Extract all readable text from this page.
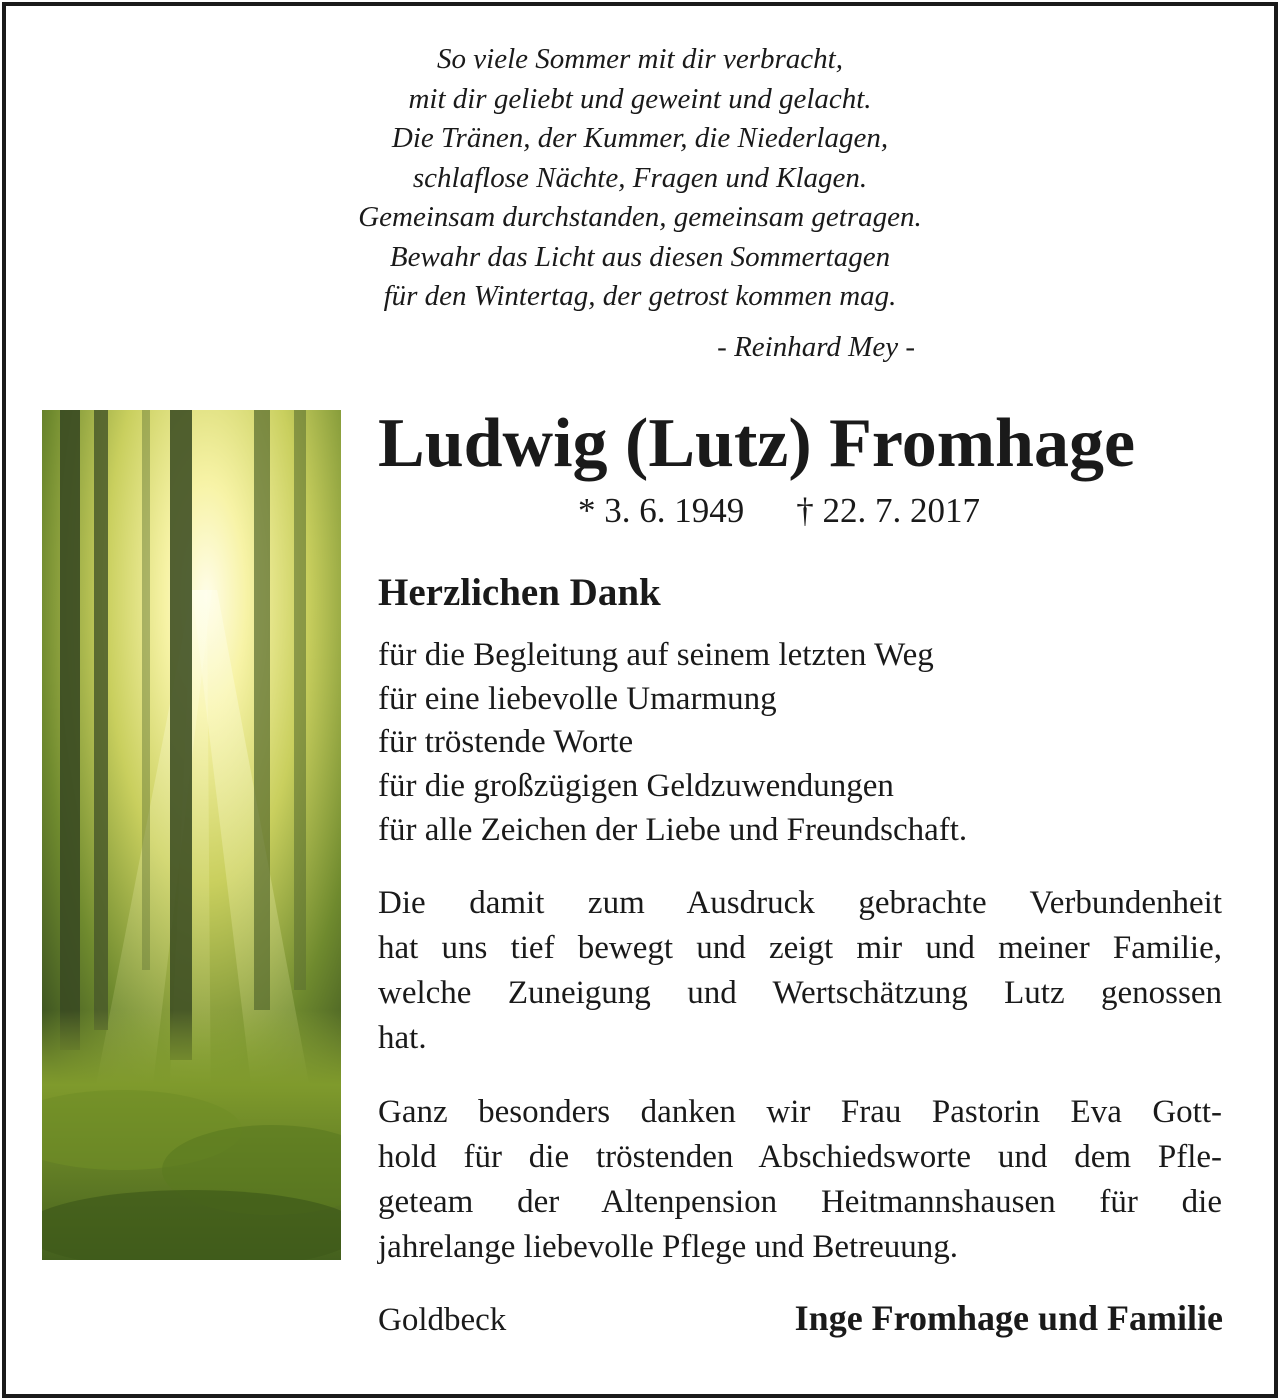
So viele Sommer mit dir verbracht,
mit dir geliebt und geweint und gelacht.
Die Tränen, der Kummer, die Niederlagen,
schlaflose Nächte, Fragen und Klagen.
Gemeinsam durchstanden, gemeinsam getragen.
Bewahr das Licht aus diesen Sommertagen
für den Wintertag, der getrost kommen mag.
- Reinhard Mey -
Ludwig (Lutz) Fromhage
* 3. 6. 1949 † 22. 7. 2017
Herzlichen Dank
für die Begleitung auf seinem letzten Weg
für eine liebevolle Umarmung
für tröstende Worte
für die großzügigen Geldzuwendungen
für alle Zeichen der Liebe und Freundschaft.
Die damit zum Ausdruck gebrachte Verbundenheit
hat uns tief bewegt und zeigt mir und meiner Familie,
welche Zuneigung und Wertschätzung Lutz genossen
hat.
Ganz besonders danken wir Frau Pastorin Eva Gott-
hold für die tröstenden Abschiedsworte und dem Pfle-
geteam der Altenpension Heitmannshausen für die
jahrelange liebevolle Pflege und Betreuung.
Goldbeck	Inge Fromhage und Familie
